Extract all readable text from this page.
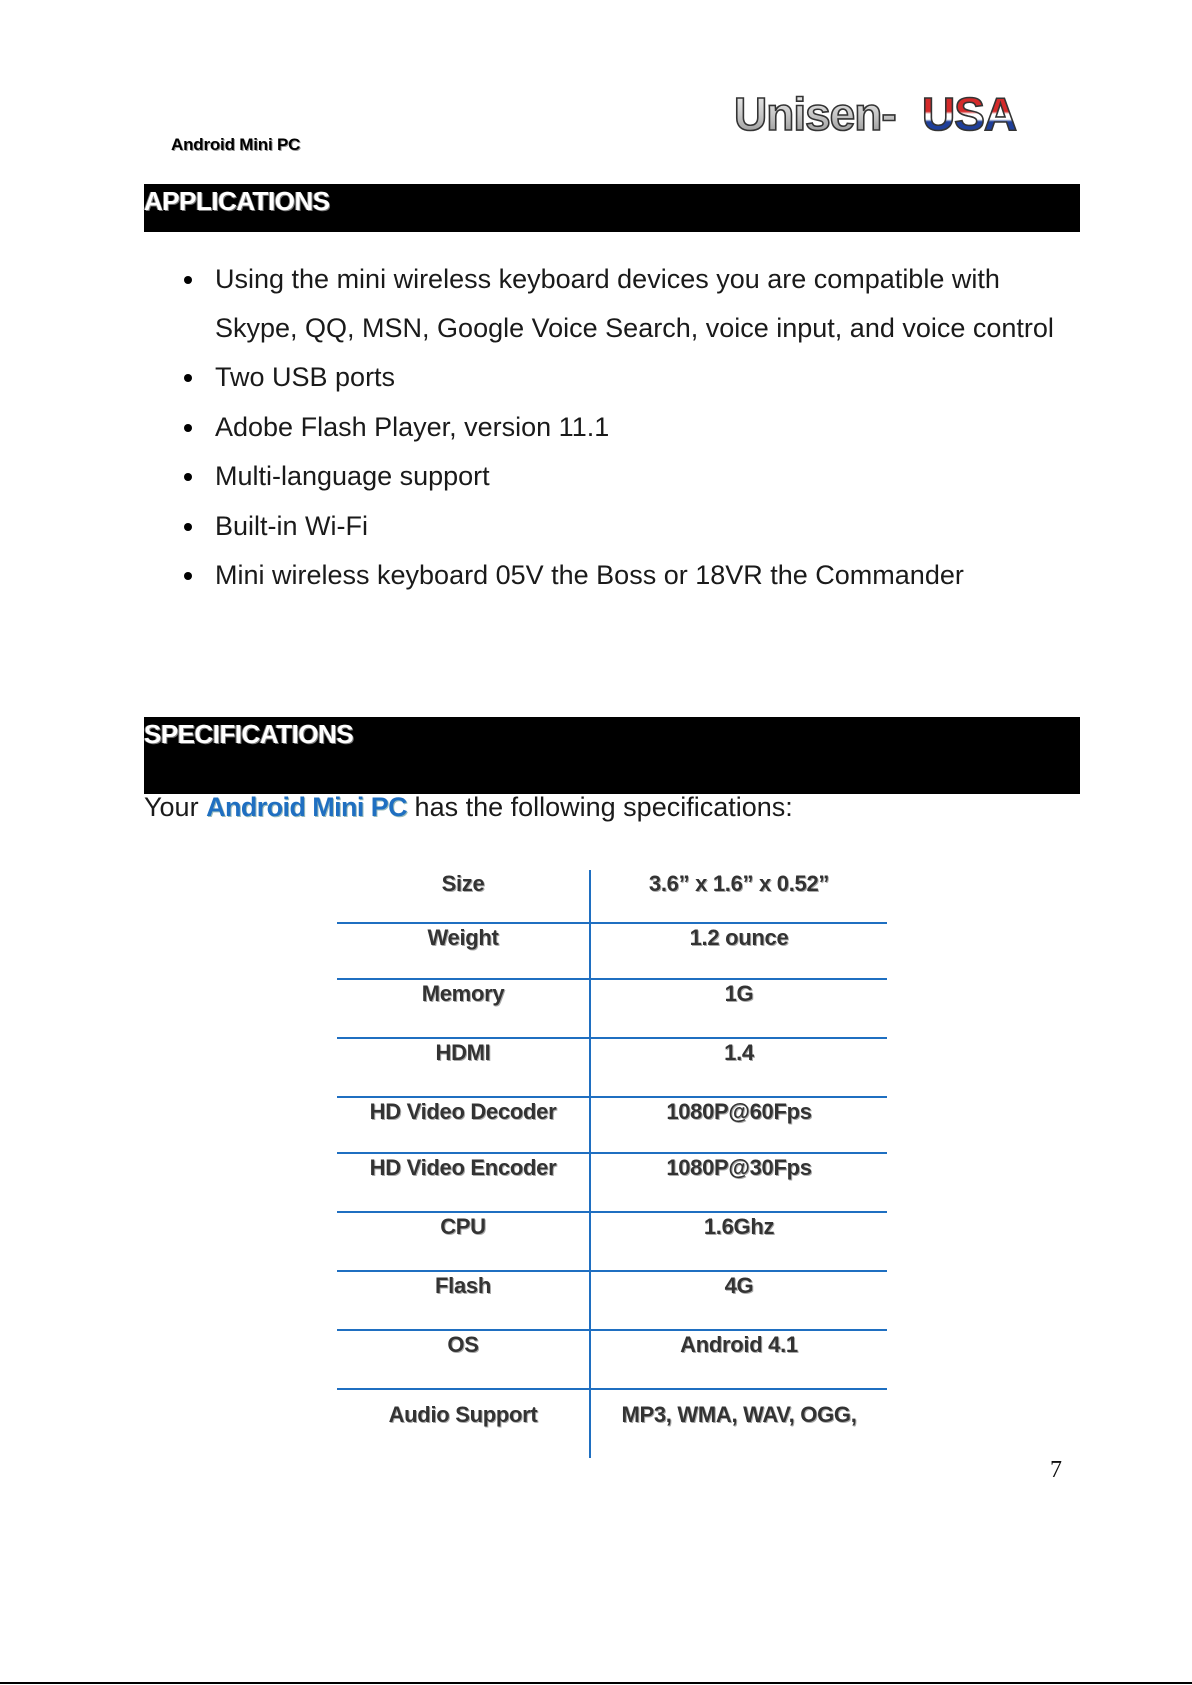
Android Mini PC
Unisen- USA
APPLICATIONS
Using the mini wireless keyboard devices you are compatible with Skype, QQ, MSN, Google Voice Search, voice input, and voice control
Two USB ports
Adobe Flash Player, version 11.1
Multi-language support
Built-in Wi-Fi
Mini wireless keyboard 05V the Boss or 18VR the Commander
SPECIFICATIONS
Your Android Mini PC has the following specifications:
Size	3.6” x 1.6” x 0.52”
Weight	1.2 ounce
Memory	1G
HDMI	1.4
HD Video Decoder	1080P@60Fps
HD Video Encoder	1080P@30Fps
CPU	1.6Ghz
Flash	4G
OS	Android 4.1
Audio Support	MP3, WMA, WAV, OGG,
7
